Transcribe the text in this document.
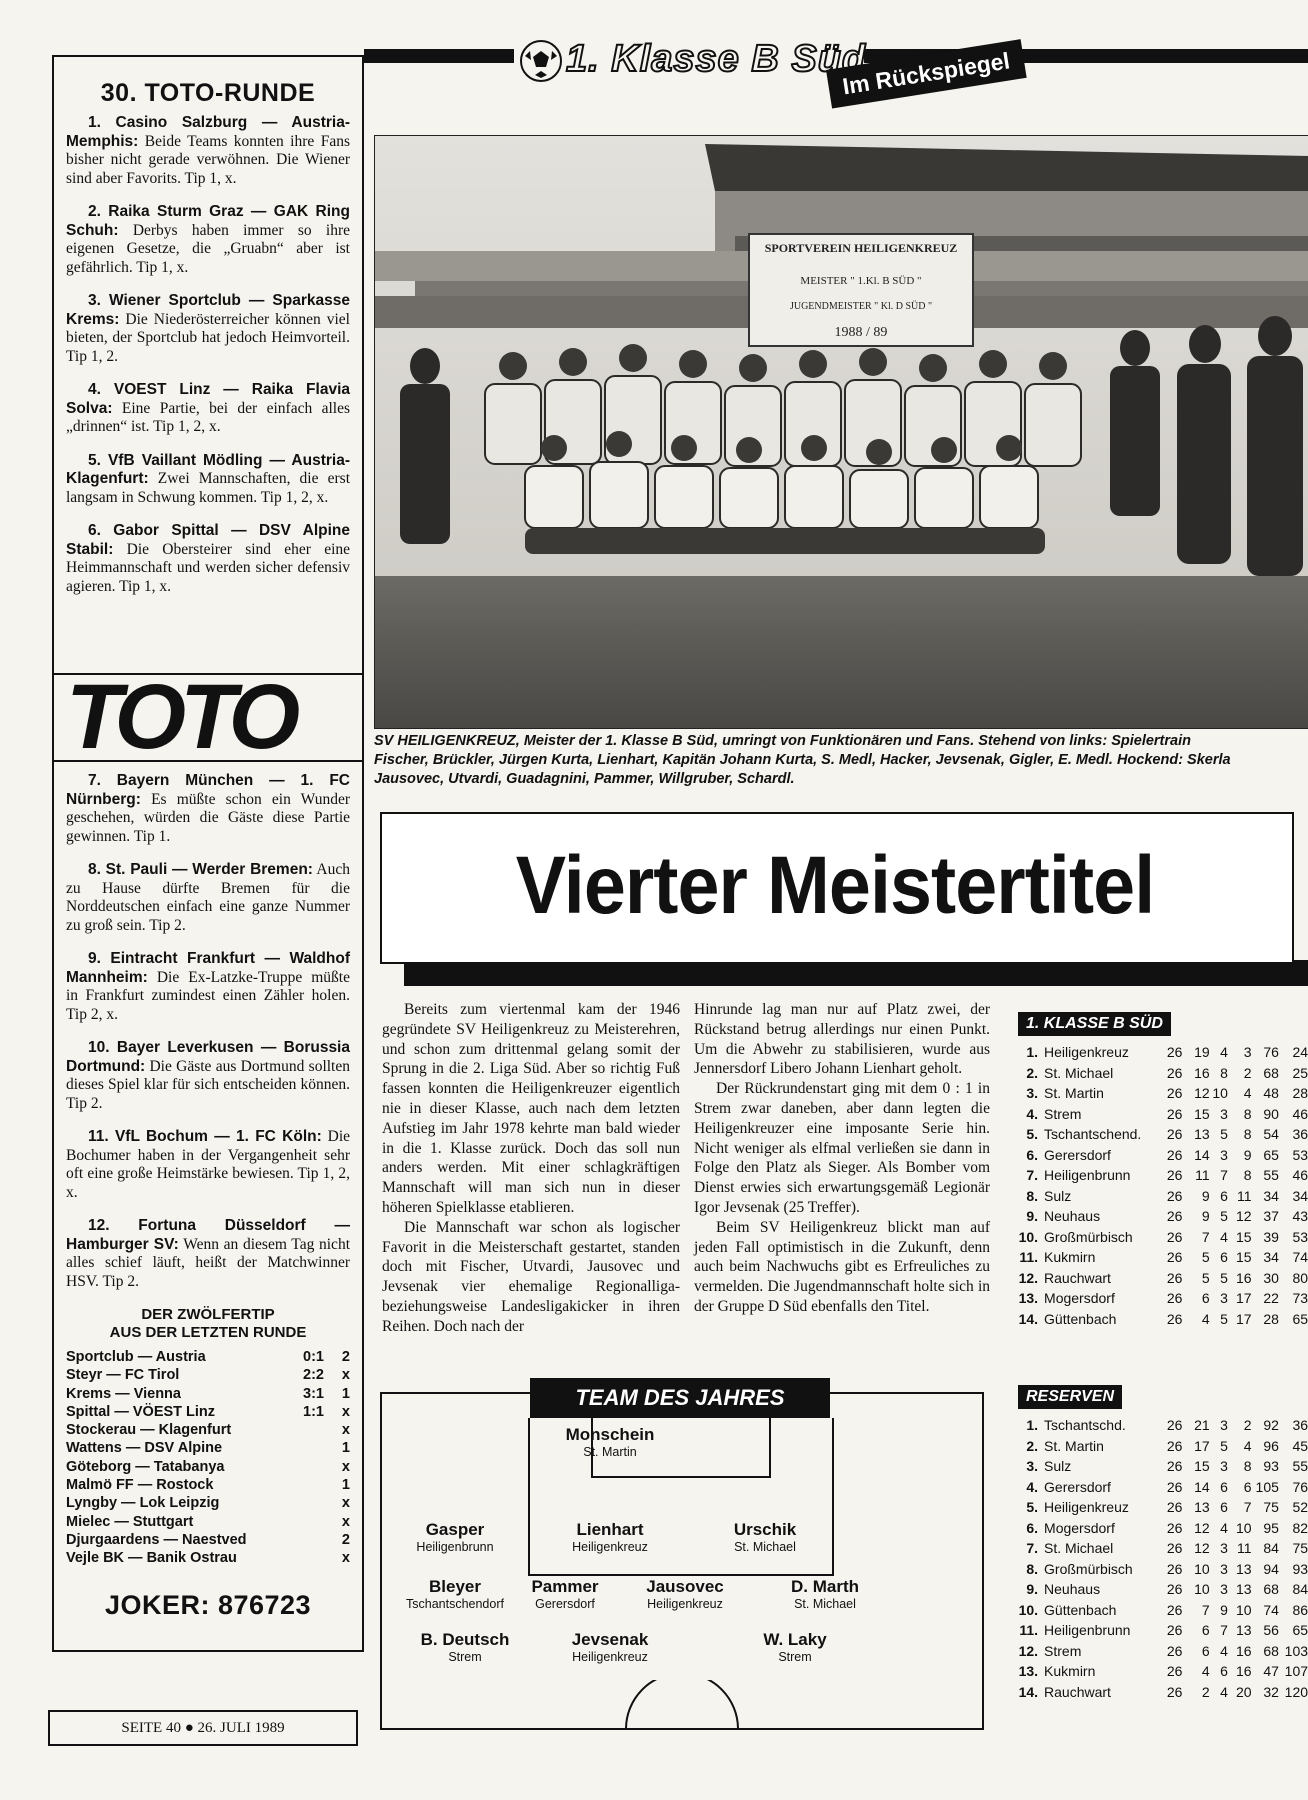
30. TOTO-RUNDE
1. Casino Salzburg — Austria-Memphis: Beide Teams konnten ihre Fans bisher nicht gerade verwöhnen. Die Wiener sind aber Favorits. Tip 1, x.
2. Raika Sturm Graz — GAK Ring Schuh: Derbys haben immer so ihre eigenen Gesetze, die „Gruabn“ aber ist gefährlich. Tip 1, x.
3. Wiener Sportclub — Sparkasse Krems: Die Niederösterreicher können viel bieten, der Sportclub hat jedoch Heimvorteil. Tip 1, 2.
4. VOEST Linz — Raika Flavia Solva: Eine Partie, bei der einfach alles „drinnen“ ist. Tip 1, 2, x.
5. VfB Vaillant Mödling — Austria-Klagenfurt: Zwei Mannschaften, die erst langsam in Schwung kommen. Tip 1, 2, x.
6. Gabor Spittal — DSV Alpine Stabil: Die Obersteirer sind eher eine Heimmannschaft und werden sicher defensiv agieren. Tip 1, x.
TOTO
7. Bayern München — 1. FC Nürnberg: Es müßte schon ein Wunder geschehen, würden die Gäste diese Partie gewinnen. Tip 1.
8. St. Pauli — Werder Bremen: Auch zu Hause dürfte Bremen für die Norddeutschen einfach eine ganze Nummer zu groß sein. Tip 2.
9. Eintracht Frankfurt — Waldhof Mannheim: Die Ex-Latzke-Truppe müßte in Frankfurt zumindest einen Zähler holen. Tip 2, x.
10. Bayer Leverkusen — Borussia Dortmund: Die Gäste aus Dortmund sollten dieses Spiel klar für sich entscheiden können. Tip 2.
11. VfL Bochum — 1. FC Köln: Die Bochumer haben in der Vergangenheit sehr oft eine große Heimstärke bewiesen. Tip 1, 2, x.
12. Fortuna Düsseldorf — Hamburger SV: Wenn an diesem Tag nicht alles schief läuft, heißt der Matchwinner HSV. Tip 2.
DER ZWÖLFERTIP
AUS DER LETZTEN RUNDE
Sportclub — Austria	0:1	2
Steyr — FC Tirol	2:2	x
Krems — Vienna	3:1	1
Spittal — VÖEST Linz	1:1	x
Stockerau — Klagenfurt	x
Wattens — DSV Alpine	1
Göteborg — Tatabanya	x
Malmö FF — Rostock	1
Lyngby — Lok Leipzig	x
Mielec — Stuttgart	x
Djurgaardens — Naestved	2
Vejle BK — Banik Ostrau	x
JOKER: 876723
SEITE 40 ● 26. JULI 1989
1. Klasse B Süd
Im Rückspiegel
SPORTVEREIN HEILIGENKREUZ
MEISTER " 1.Kl. B SÜD "
JUGENDMEISTER " Kl. D SÜD "
1988 / 89
SV HEILIGENKREUZ, Meister der 1. Klasse B Süd, umringt von Funktionären und Fans. Stehend von links: Spielertrain
Fischer, Brückler, Jürgen Kurta, Lienhart, Kapitän Johann Kurta, S. Medl, Hacker, Jevsenak, Gigler, E. Medl. Hockend: Skerla
Jausovec, Utvardi, Guadagnini, Pammer, Willgruber, Schardl.
Vierter Meistertitel

Bereits zum viertenmal kam der 1946 gegründete SV Heiligenkreuz zu Meisterehren, und schon zum drittenmal gelang somit der Sprung in die 2. Liga Süd. Aber so richtig Fuß fassen konnten die Heiligenkreuzer eigentlich nie in dieser Klasse, auch nach dem letzten Aufstieg im Jahr 1978 kehrte man bald wieder in die 1. Klasse zurück. Doch das soll nun anders werden. Mit einer schlagkräftigen Mannschaft will man sich nun in dieser höheren Spielklasse etablieren.

Die Mannschaft war schon als logischer Favorit in die Meisterschaft gestartet, standen doch mit Fischer, Utvardi, Jausovec und Jevsenak vier ehemalige Regionalliga- beziehungsweise Landesligakicker in ihren Reihen. Doch nach der

Hinrunde lag man nur auf Platz zwei, der Rückstand betrug allerdings nur einen Punkt. Um die Abwehr zu stabilisieren, wurde aus Jennersdorf Libero Johann Lienhart geholt.

Der Rückrundenstart ging mit dem 0 : 1 in Strem zwar daneben, aber dann legten die Heiligenkreuzer eine imposante Serie hin. Nicht weniger als elfmal verließen sie dann in Folge den Platz als Sieger. Als Bomber vom Dienst erwies sich erwartungsgemäß Legionär Igor Jevsenak (25 Treffer).

Beim SV Heiligenkreuz blickt man auf jeden Fall optimistisch in die Zukunft, denn auch beim Nachwuchs gibt es Erfreuliches zu vermelden. Die Jugendmannschaft holte sich in der Gruppe D Süd ebenfalls den Titel.

1. KLASSE B SÜD
1. Heiligenkreuz	26 19 4	3 76 24
2. St. Michael	26 16 8	2 68 25
3. St. Martin	26 12 10	4 48 28
4. Strem	26 15 3	8 90 46
5. Tschantschend.	26 13 5	8 54 36
6. Gerersdorf	26 14 3	9 65 53
7. Heiligenbrunn	26 11 7	8 55 46
8. Sulz	26	9 6 11 34 34
9. Neuhaus	26	9 5 12 37 43
10. Großmürbisch	26	7 4 15 39 53
11. Kukmirn	26	5 6 15 34 74
12. Rauchwart	26	5 5 16 30 80
13. Mogersdorf	26	6 3 17 22 73
14. Güttenbach	26	4 5 17 28 65
RESERVEN
1. Tschantschd.	26 21 3	2 92 36
2. St. Martin	26 17 5	4 96 45
3. Sulz	26 15 3	8 93 55
4. Gerersdorf	26 14 6	6 105 76
5. Heiligenkreuz	26 13 6	7 75 52
6. Mogersdorf	26 12 4 10 95 82
7. St. Michael	26 12 3 11 84 75
8. Großmürbisch	26 10 3 13 94 93
9. Neuhaus	26 10 3 13 68 84
10. Güttenbach	26	7 9 10 74 86
11. Heiligenbrunn	26	6 7 13 56 65
12. Strem	26	6 4 16 68 103
13. Kukmirn	26	4 6 16 47 107
14. Rauchwart	26	2 4 20 32 120
TEAM DES JAHRES
Monschein
St. Martin
Gasper
Heiligenbrunn
Lienhart
Heiligenkreuz
Urschik
St. Michael
Bleyer
Tschantschendorf
Pammer
Gerersdorf
Jausovec
Heiligenkreuz
D. Marth
St. Michael
B. Deutsch
Strem
Jevsenak
Heiligenkreuz
W. Laky
Strem
